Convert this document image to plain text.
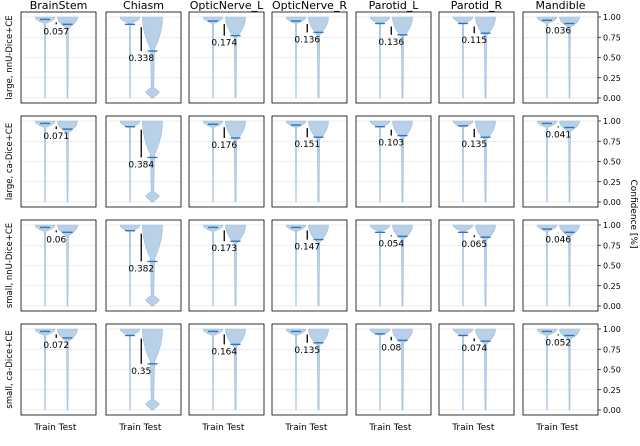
0.057
0.338
0.174	0.136	0.136	0.115
0.036
0.071
0.384
0.176	0.151	0.103	0.135
0.041
0.06
0.382
0.173	0.147	0.054	0.065	0.046
0.072
0.35
0.164	0.135	0.08	0.074
0.052
0.00
0.25
0.50
0.75
1.00
large, nnU-Dice+CE
0.00
0.25
0.50
0.75
1.00
large, ca-Dice+CE
0.00
0.25
0.50
0.75
1.00
small, nnU-Dice+CE
0.00
0.25
0.50
0.75
1.00
small, ca-Dice+CE
BrainStem	Chiasm OpticNerve_L OpticNerve_R Parotid_L	Parotid_R	Mandible
Train Test	Train Test	Train Test	Train Test	Train Test	Train Test	Train Test
Confidence [%]
